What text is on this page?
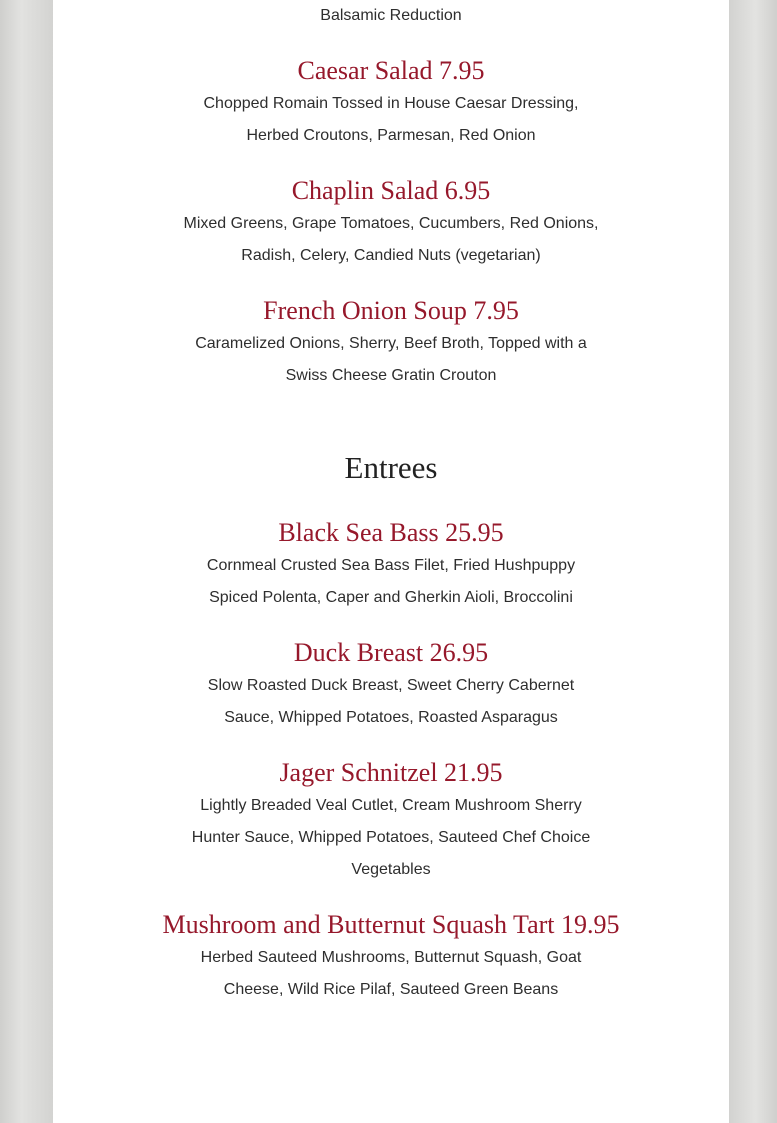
Balsamic Reduction

Caesar Salad 7.95

Chopped Romain Tossed in House Caesar Dressing,
Herbed Croutons, Parmesan, Red Onion

Chaplin Salad 6.95

Mixed Greens, Grape Tomatoes, Cucumbers, Red Onions,
Radish, Celery, Candied Nuts (vegetarian)

French Onion Soup 7.95

Caramelized Onions, Sherry, Beef Broth, Topped with a
Swiss Cheese Gratin Crouton

Entrees
Black Sea Bass 25.95

Cornmeal Crusted Sea Bass Filet, Fried Hushpuppy
Spiced Polenta, Caper and Gherkin Aioli, Broccolini

Duck Breast 26.95

Slow Roasted Duck Breast, Sweet Cherry Cabernet
Sauce, Whipped Potatoes, Roasted Asparagus

Jager Schnitzel 21.95

Lightly Breaded Veal Cutlet, Cream Mushroom Sherry
Hunter Sauce, Whipped Potatoes, Sauteed Chef Choice
Vegetables

Mushroom and Butternut Squash Tart 19.95

Herbed Sauteed Mushrooms, Butternut Squash, Goat
Cheese, Wild Rice Pilaf, Sauteed Green Beans
